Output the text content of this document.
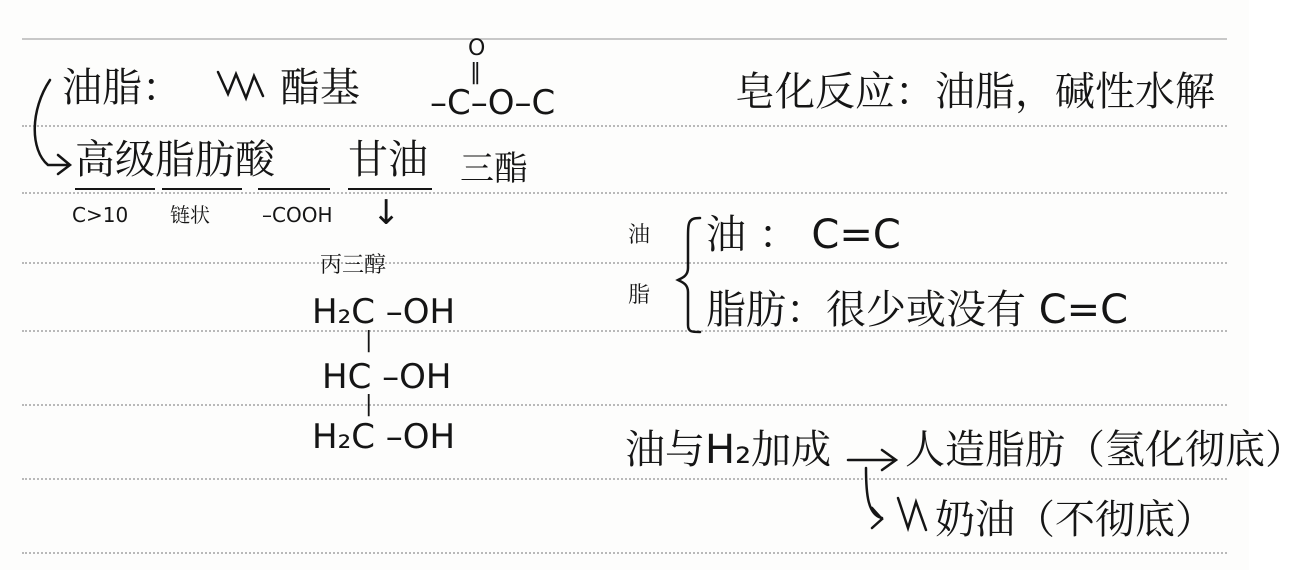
油脂： 酯基
O
‖
–C–O–C
高级脂肪酸 甘油 三酯
C>10 链状	–COOH ↓
丙三醇
H₂C –OH
|
HC –OH
|
H₂C –OH
皂化反应：油脂，碱性水解
油
脂
油 ： C=C
脂肪：很少或没有 C=C
油与H₂加成 人造脂肪（氢化彻底）
奶油（不彻底）
